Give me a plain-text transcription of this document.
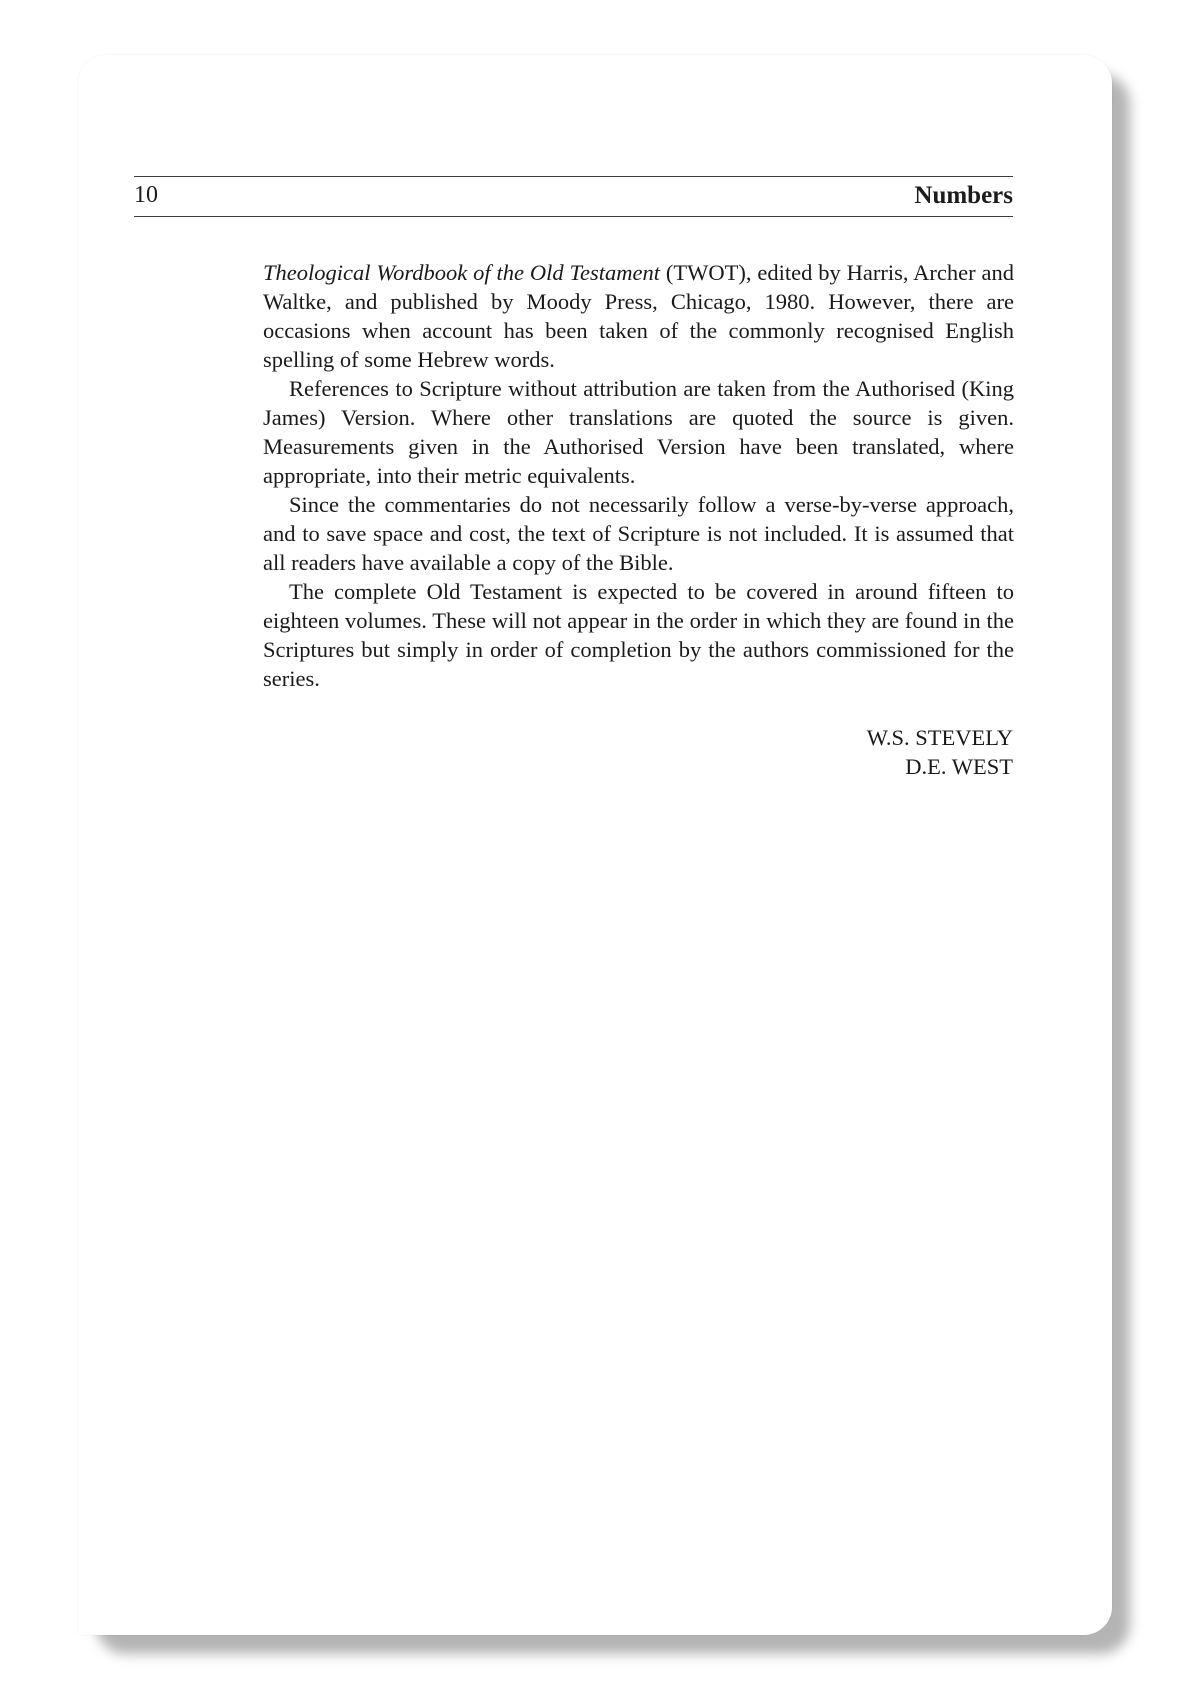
10	Numbers

Theological Wordbook of the Old Testament (TWOT), edited by Harris, Archer and Waltke, and published by Moody Press, Chicago, 1980. However, there are occasions when account has been taken of the commonly recognised English spelling of some Hebrew words.

References to Scripture without attribution are taken from the Authorised (King James) Version. Where other translations are quoted the source is given. Measurements given in the Authorised Version have been translated, where appropriate, into their metric equivalents.

Since the commentaries do not necessarily follow a verse-by-verse approach, and to save space and cost, the text of Scripture is not included. It is assumed that all readers have available a copy of the Bible.

The complete Old Testament is expected to be covered in around fifteen to eighteen volumes. These will not appear in the order in which they are found in the Scriptures but simply in order of completion by the authors commissioned for the series.

W.S. STEVELY
D.E. WEST
